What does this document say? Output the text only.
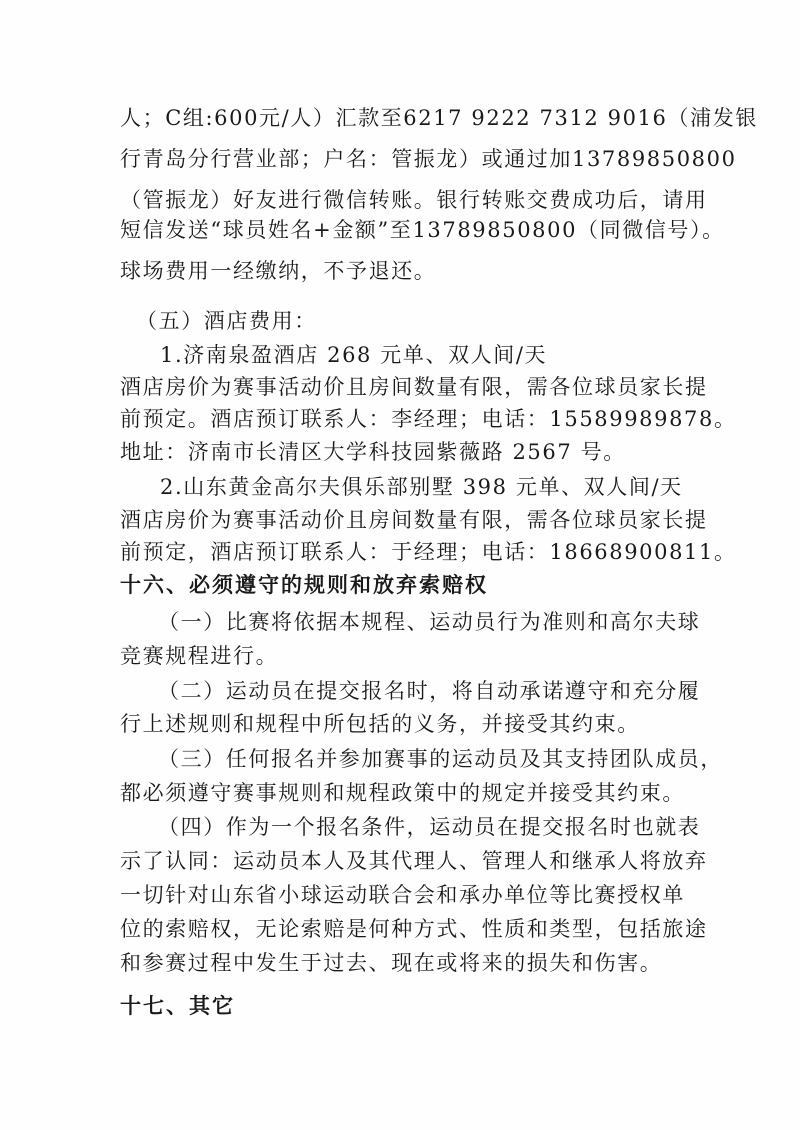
人；C组:600元/人）汇款至6217 9222 7312 9016（浦发银
行青岛分行营业部；户名：管振龙）或通过加13789850800
（管振龙）好友进行微信转账。银行转账交费成功后，请用
短信发送“球员姓名+金额”至13789850800（同微信号）。
球场费用一经缴纳，不予退还。
（五）酒店费用：
1.济南泉盈酒店 268 元单、双人间/天
酒店房价为赛事活动价且房间数量有限，需各位球员家长提
前预定。酒店预订联系人：李经理；电话：15589989878。
地址：济南市长清区大学科技园紫薇路 2567 号。
2.山东黄金高尔夫俱乐部别墅 398 元单、双人间/天
酒店房价为赛事活动价且房间数量有限，需各位球员家长提
前预定，酒店预订联系人：于经理；电话：18668900811。
十六、必须遵守的规则和放弃索赔权
（一）比赛将依据本规程、运动员行为准则和高尔夫球
竞赛规程进行。
（二）运动员在提交报名时，将自动承诺遵守和充分履
行上述规则和规程中所包括的义务，并接受其约束。
（三）任何报名并参加赛事的运动员及其支持团队成员，
都必须遵守赛事规则和规程政策中的规定并接受其约束。
（四）作为一个报名条件，运动员在提交报名时也就表
示了认同：运动员本人及其代理人、管理人和继承人将放弃
一切针对山东省小球运动联合会和承办单位等比赛授权单
位的索赔权，无论索赔是何种方式、性质和类型，包括旅途
和参赛过程中发生于过去、现在或将来的损失和伤害。
十七、其它
